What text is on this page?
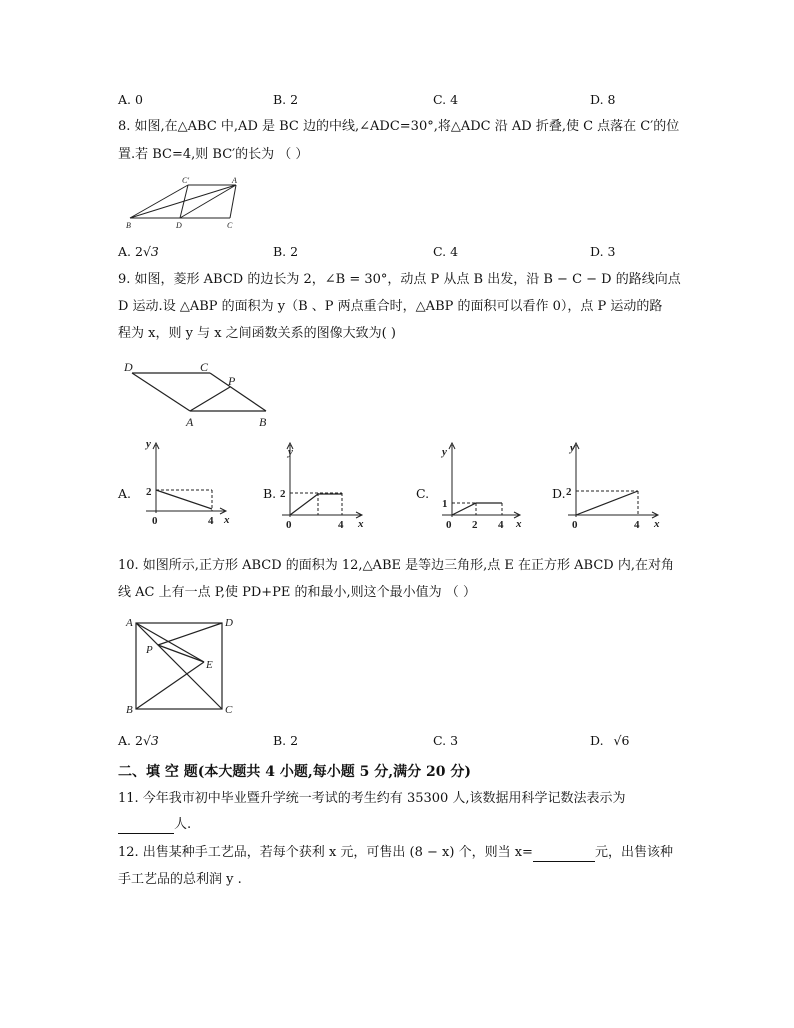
A. 0	B. 2	C. 4	D. 8
8. 如图,在△ABC 中,AD 是 BC 边的中线,∠ADC=30°,将△ADC 沿 AD 折叠,使 C 点落在 C′的位
置.若 BC=4,则 BC′的长为 （ ）
B	D	C
C′	A
A. 2√3	B. 2	C. 4	D. 3
9. 如图，菱形 ABCD 的边长为 2，∠B = 30°，动点 P 从点 B 出发，沿 B − C − D 的路线向点
D 运动.设 △ABP 的面积为 y（B 、P 两点重合时，△ABP 的面积可以看作 0），点 P 运动的路
程为 x，则 y 与 x 之间函数关系的图像大致为( )
D	C
P
A	B
A.
y
2
0	4 x
B.
y
2
0	4 x
C.
y
1
0 2 4 x
D.
y
2
0	4 x
10. 如图所示,正方形 ABCD 的面积为 12,△ABE 是等边三角形,点 E 在正方形 ABCD 内,在对角
线 AC 上有一点 P,使 PD+PE 的和最小,则这个最小值为 （ ）
A	D
P
E
B	C
A. 2√3	B. 2	C. 3	D. √6
二、填 空 题(本大题共 4 小题,每小题 5 分,满分 20 分)
11. 今年我市初中毕业暨升学统一考试的考生约有 35300 人,该数据用科学记数法表示为
人.
12. 出售某种手工艺品，若每个获利 x 元，可售出 (8 − x) 个，则当 x=	元，出售该种
手工艺品的总利润 y .
